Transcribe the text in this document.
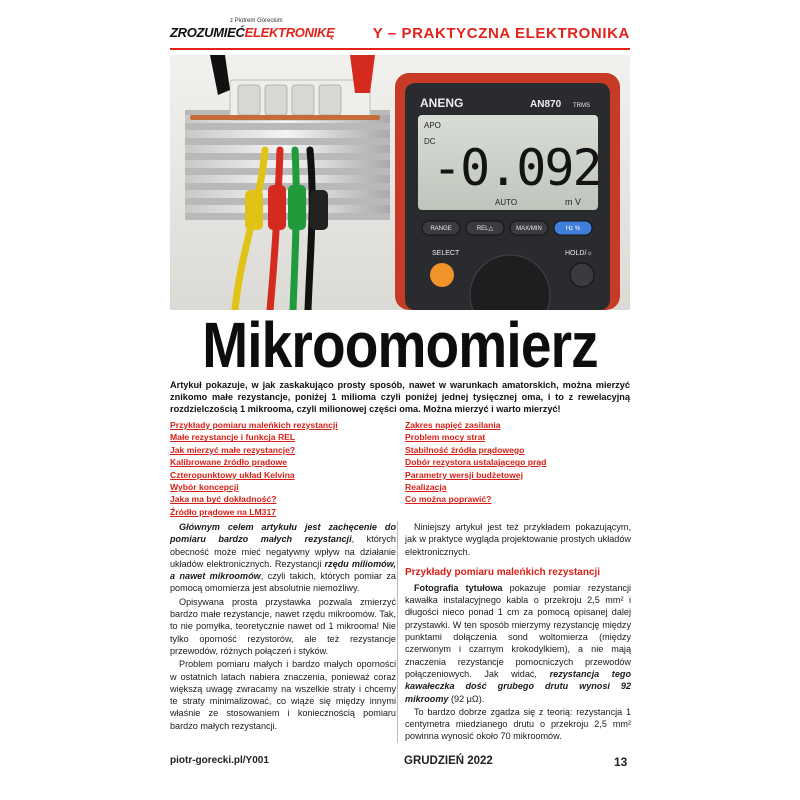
ZROZUMIEĆELEKTRONIKĘ
z Piotrem Góreckim
Y – PRAKTYCZNA ELEKTRONIKA
ANENG	AN870 TRMS
APO
DC
-0.092
AUTO	m V
RANGE	REL△	MAX/MIN	Hz %
SELECT	HOLD/☼
Mikroomomierz
Artykuł pokazuje, w jak zaskakująco prosty sposób, nawet w warunkach amatorskich, można mierzyć znikomo małe rezystancje, poniżej 1 milioma czyli poniżej jednej tysięcznej oma, i to z rewelacyjną rozdzielczością 1 mikrooma, czyli milionowej części oma. Można mierzyć i warto mierzyć!
Przykłady pomiaru maleńkich rezystancji
Małe rezystancje i funkcja REL
Jak mierzyć małe rezystancje?
Kalibrowane źródło prądowe
Czteropunktowy układ Kelvina
Wybór koncepcji
Jaka ma być dokładność?
Źródło prądowe na LM317
Zakres napięć zasilania
Problem mocy strat
Stabilność źródła prądowego
Dobór rezystora ustalającego prąd
Parametry wersji budżetowej
Realizacja
Co można poprawić?

Głównym celem artykułu jest zachęcenie do pomiaru bardzo małych rezystancji, których obecność może mieć negatywny wpływ na działanie układów elektronicznych. Rezystancji rzędu miliomów, a nawet mikroomów, czyli takich, których pomiar za pomocą omomierza jest absolutnie niemożliwy.

Opisywana prosta przystawka pozwala zmierzyć bardzo małe rezystancje, nawet rzędu mikroomów. Tak, to nie pomyłka, teoretycznie nawet od 1 mikrooma! Nie tylko oporność rezystorów, ale też rezystancje przewodów, różnych połączeń i styków.

Problem pomiaru małych i bardzo małych oporności w ostatnich latach nabiera znaczenia, ponieważ coraz większą uwagę zwracamy na wszelkie straty i chcemy te straty minimalizować, co wiąże się między innymi właśnie ze stosowaniem i koniecznością pomiaru bardzo małych rezystancji.

Niniejszy artykuł jest też przykładem pokazującym, jak w praktyce wygląda projektowanie prostych układów elektronicznych.

Przykłady pomiaru maleńkich rezystancji

Fotografia tytułowa pokazuje pomiar rezystancji kawałka instalacyjnego kabla o przekroju 2,5 mm² i długości nieco ponad 1 cm za pomocą opisanej dalej przystawki. W ten sposób mierzymy rezystancję między punktami dołączenia sond woltomierza (między czerwonym i czarnym krokodylkiem), a nie mają znaczenia rezystancje pomocniczych przewodów połączeniowych. Jak widać, rezystancja tego kawałeczka dość grubego drutu wynosi 92 mikroomy (92 μΩ).

To bardzo dobrze zgadza się z teorią: rezystancja 1 centymetra miedzianego drutu o przekroju 2,5 mm² powinna wynosić około 70 mikroomów.

piotr-gorecki.pl/Y001	GRUDZIEŃ 2022	13
